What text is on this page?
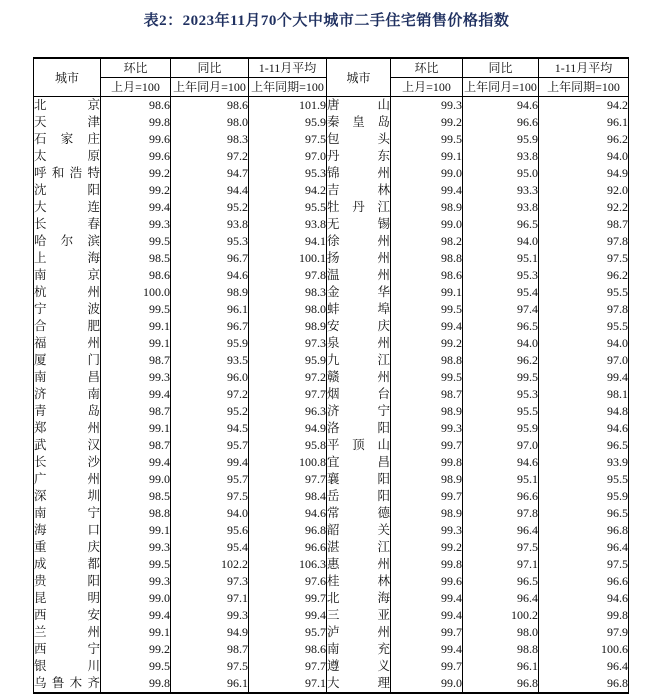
表2：2023年11月70个大中城市二手住宅销售价格指数
城市	环比	同比	1-11月平均	城市	环比	同比	1-11月平均
	上月=100	上年同月=100	上年同期=100		上月=100	上年同月=100	上年同期=100
北京	98.6	98.6	101.9	唐山	99.3	94.6	94.2
天津	99.8	98.0	95.9	秦皇岛	99.2	96.6	96.1
石家庄	99.6	98.3	97.5	包头	99.5	95.9	96.2
太原	99.6	97.2	97.0	丹东	99.1	93.8	94.0
呼和浩特	99.2	94.7	95.3	锦州	99.0	95.0	94.9
沈阳	99.2	94.4	94.2	吉林	99.4	93.3	92.0
大连	99.4	95.2	95.5	牡丹江	98.9	93.8	92.2
长春	99.3	93.8	93.8	无锡	99.0	96.5	98.7
哈尔滨	99.5	95.3	94.1	徐州	98.2	94.0	97.8
上海	98.5	96.7	100.1	扬州	98.8	95.1	97.5
南京	98.6	94.6	97.8	温州	98.6	95.3	96.2
杭州	100.0	98.9	98.3	金华	99.1	95.4	95.5
宁波	99.5	96.1	98.0	蚌埠	99.5	97.4	97.8
合肥	99.1	96.7	98.9	安庆	99.4	96.5	95.5
福州	99.1	95.9	97.3	泉州	99.2	94.0	94.0
厦门	98.7	93.5	95.9	九江	98.8	96.2	97.0
南昌	99.3	96.0	97.2	赣州	99.5	99.5	99.4
济南	99.4	97.2	97.7	烟台	98.7	95.3	98.1
青岛	98.7	95.2	96.3	济宁	98.9	95.5	94.8
郑州	99.1	94.5	94.9	洛阳	99.3	95.9	94.6
武汉	98.7	95.7	95.8	平顶山	99.7	97.0	96.5
长沙	99.4	99.4	100.8	宜昌	99.8	94.6	93.9
广州	99.0	95.7	97.7	襄阳	98.9	95.1	95.5
深圳	98.5	97.5	98.4	岳阳	99.7	96.6	95.9
南宁	98.8	94.0	94.6	常德	98.9	97.8	96.5
海口	99.1	95.6	96.8	韶关	99.3	96.4	96.8
重庆	99.3	95.4	96.6	湛江	99.2	97.5	96.4
成都	99.5	102.2	106.3	惠州	99.8	97.1	97.5
贵阳	99.3	97.3	97.6	桂林	99.6	96.5	96.6
昆明	99.0	97.1	99.7	北海	99.4	96.4	94.6
西安	99.4	99.3	99.4	三亚	99.4	100.2	99.8
兰州	99.1	94.9	95.7	泸州	99.7	98.0	97.9
西宁	99.2	98.7	98.6	南充	99.4	98.8	100.6
银川	99.5	97.5	97.7	遵义	99.7	96.1	96.4
乌鲁木齐	99.8	96.1	97.1	大理	99.0	96.8	96.8
